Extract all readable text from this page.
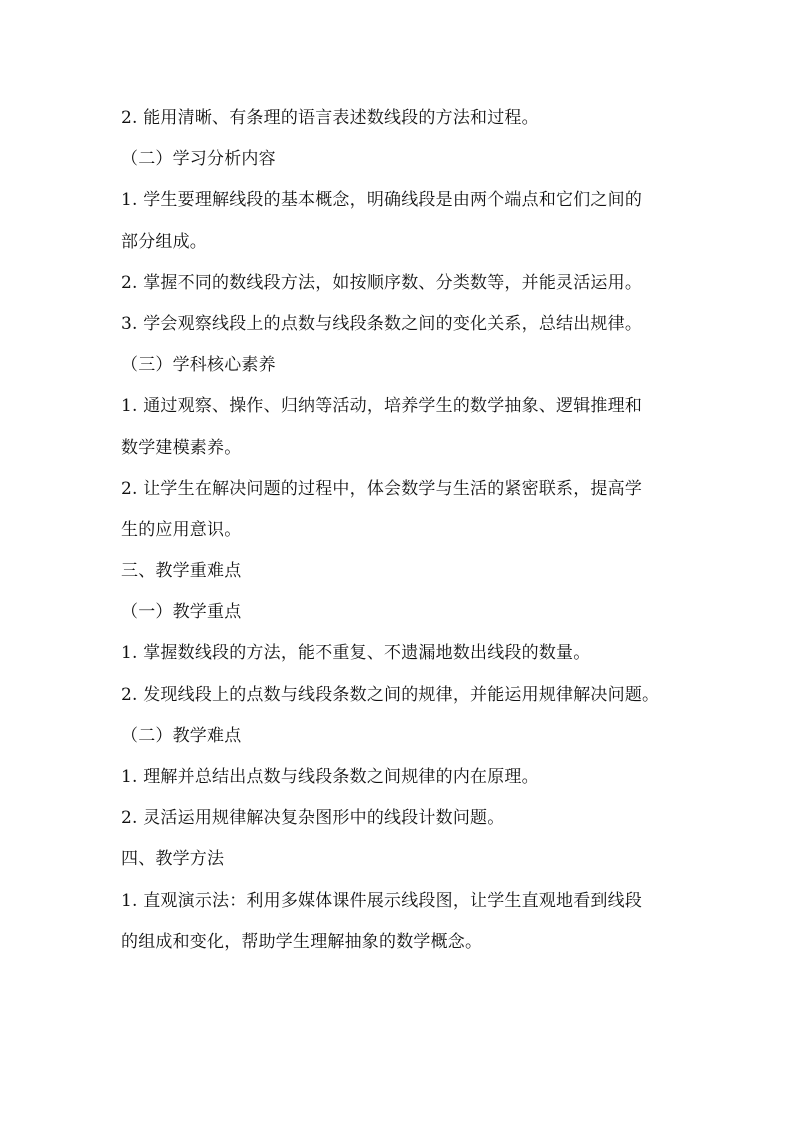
2. 能用清晰、有条理的语言表述数线段的方法和过程。
（二）学习分析内容
1. 学生要理解线段的基本概念，明确线段是由两个端点和它们之间的
部分组成。
2. 掌握不同的数线段方法，如按顺序数、分类数等，并能灵活运用。
3. 学会观察线段上的点数与线段条数之间的变化关系，总结出规律。
（三）学科核心素养
1. 通过观察、操作、归纳等活动，培养学生的数学抽象、逻辑推理和
数学建模素养。
2. 让学生在解决问题的过程中，体会数学与生活的紧密联系，提高学
生的应用意识。
三、教学重难点
（一）教学重点
1. 掌握数线段的方法，能不重复、不遗漏地数出线段的数量。
2. 发现线段上的点数与线段条数之间的规律，并能运用规律解决问题。
（二）教学难点
1. 理解并总结出点数与线段条数之间规律的内在原理。
2. 灵活运用规律解决复杂图形中的线段计数问题。
四、教学方法
1. 直观演示法：利用多媒体课件展示线段图，让学生直观地看到线段
的组成和变化，帮助学生理解抽象的数学概念。
